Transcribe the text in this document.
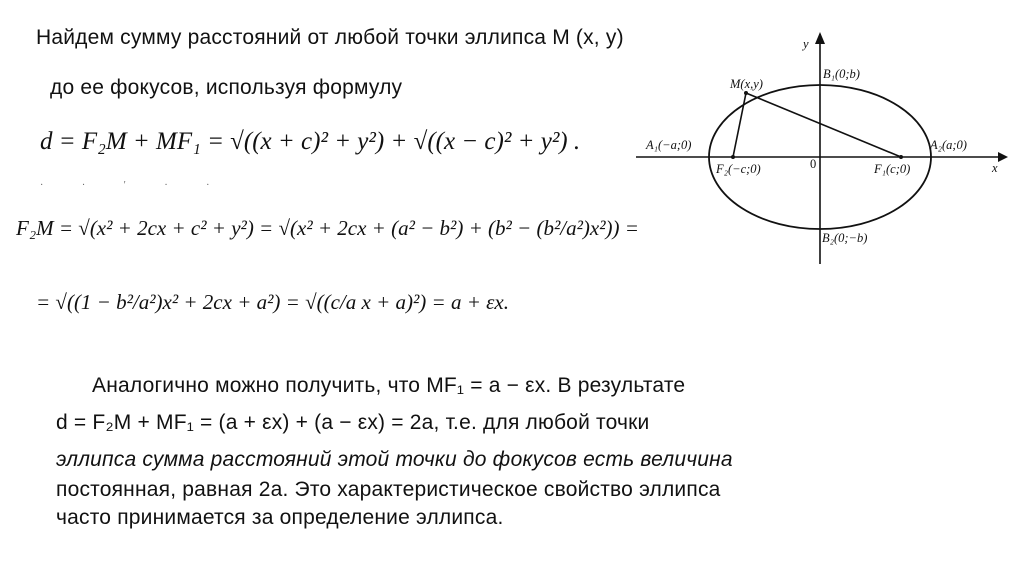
Найдем сумму расстояний от любой точки эллипса M (x, y)
до ее фокусов, используя формулу
d = F₂M + MF₁ = √((x + c)² + y²) + √((x − c)² + y²) .
· · ′ · ·
F₂M = √(x² + 2cx + c² + y²) = √(x² + 2cx + (a² − b²) + (b² − (b²/a²)x²)) =
= √((1 − b²/a²)x² + 2cx + a²) = √((c/a x + a)²) = a + εx.
Аналогично можно получить, что MF₁ = a − εx. В результате
d = F₂M + MF₁ = (a + εx) + (a − εx) = 2a, т.е. для любой точки
эллипса сумма расстояний этой точки до фокусов есть величина
постоянная, равная 2a. Это характеристическое свойство эллипса
часто принимается за определение эллипса.
y
x
M(x,y)
B₁(0;b)
B₂(0;−b)
A₁(−a;0)	A₂(a;0)
F₁(c;0)
F₂(−c;0)	0
